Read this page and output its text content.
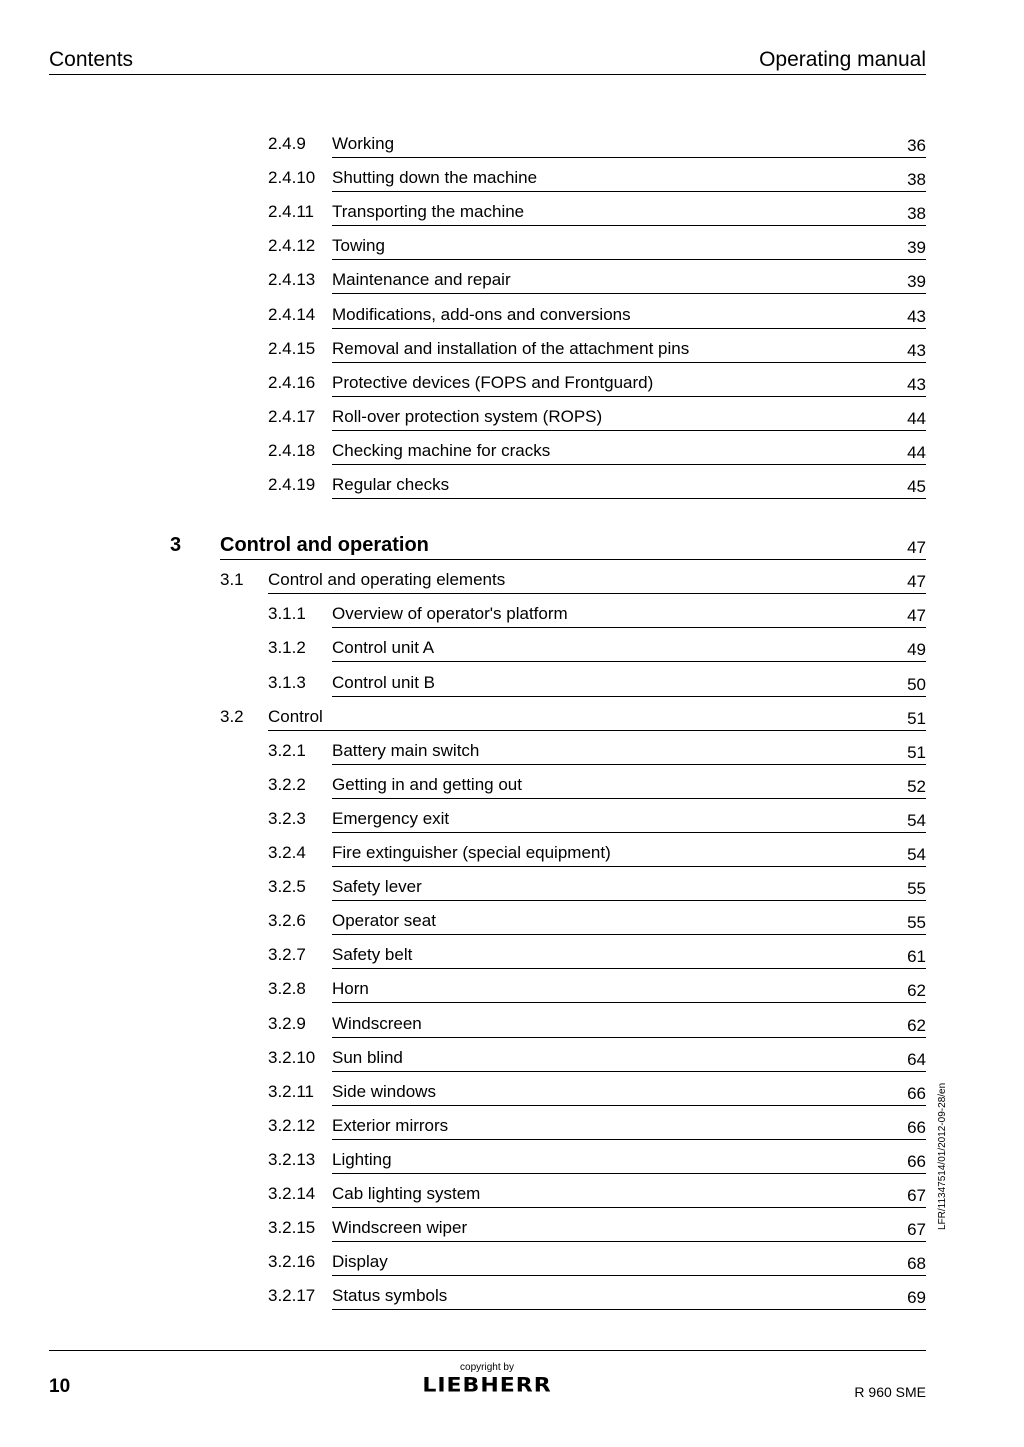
Contents	Operating manual
2.4.9 Working	36
2.4.10 Shutting down the machine	38
2.4.11 Transporting the machine	38
2.4.12 Towing	39
2.4.13 Maintenance and repair	39
2.4.14 Modifications, add-ons and conversions	43
2.4.15 Removal and installation of the attachment pins	43
2.4.16 Protective devices (FOPS and Frontguard)	43
2.4.17 Roll-over protection system (ROPS)	44
2.4.18 Checking machine for cracks	44
2.4.19 Regular checks	45
3 Control and operation	47
3.1 Control and operating elements	47
3.1.1 Overview of operator's platform	47
3.1.2 Control unit A	49
3.1.3 Control unit B	50
3.2 Control	51
3.2.1 Battery main switch	51
3.2.2 Getting in and getting out	52
3.2.3 Emergency exit	54
3.2.4 Fire extinguisher (special equipment)	54
3.2.5 Safety lever	55
3.2.6 Operator seat	55
3.2.7 Safety belt	61
3.2.8 Horn	62
3.2.9 Windscreen	62
3.2.10 Sun blind	64
3.2.11 Side windows	66
3.2.12 Exterior mirrors	66
3.2.13 Lighting	66
3.2.14 Cab lighting system	67
3.2.15 Windscreen wiper	67
3.2.16 Display	68
3.2.17 Status symbols	69
LFR/11347514/01/2012-09-28/en
10
copyright by
LIEBHERR	R 960 SME
